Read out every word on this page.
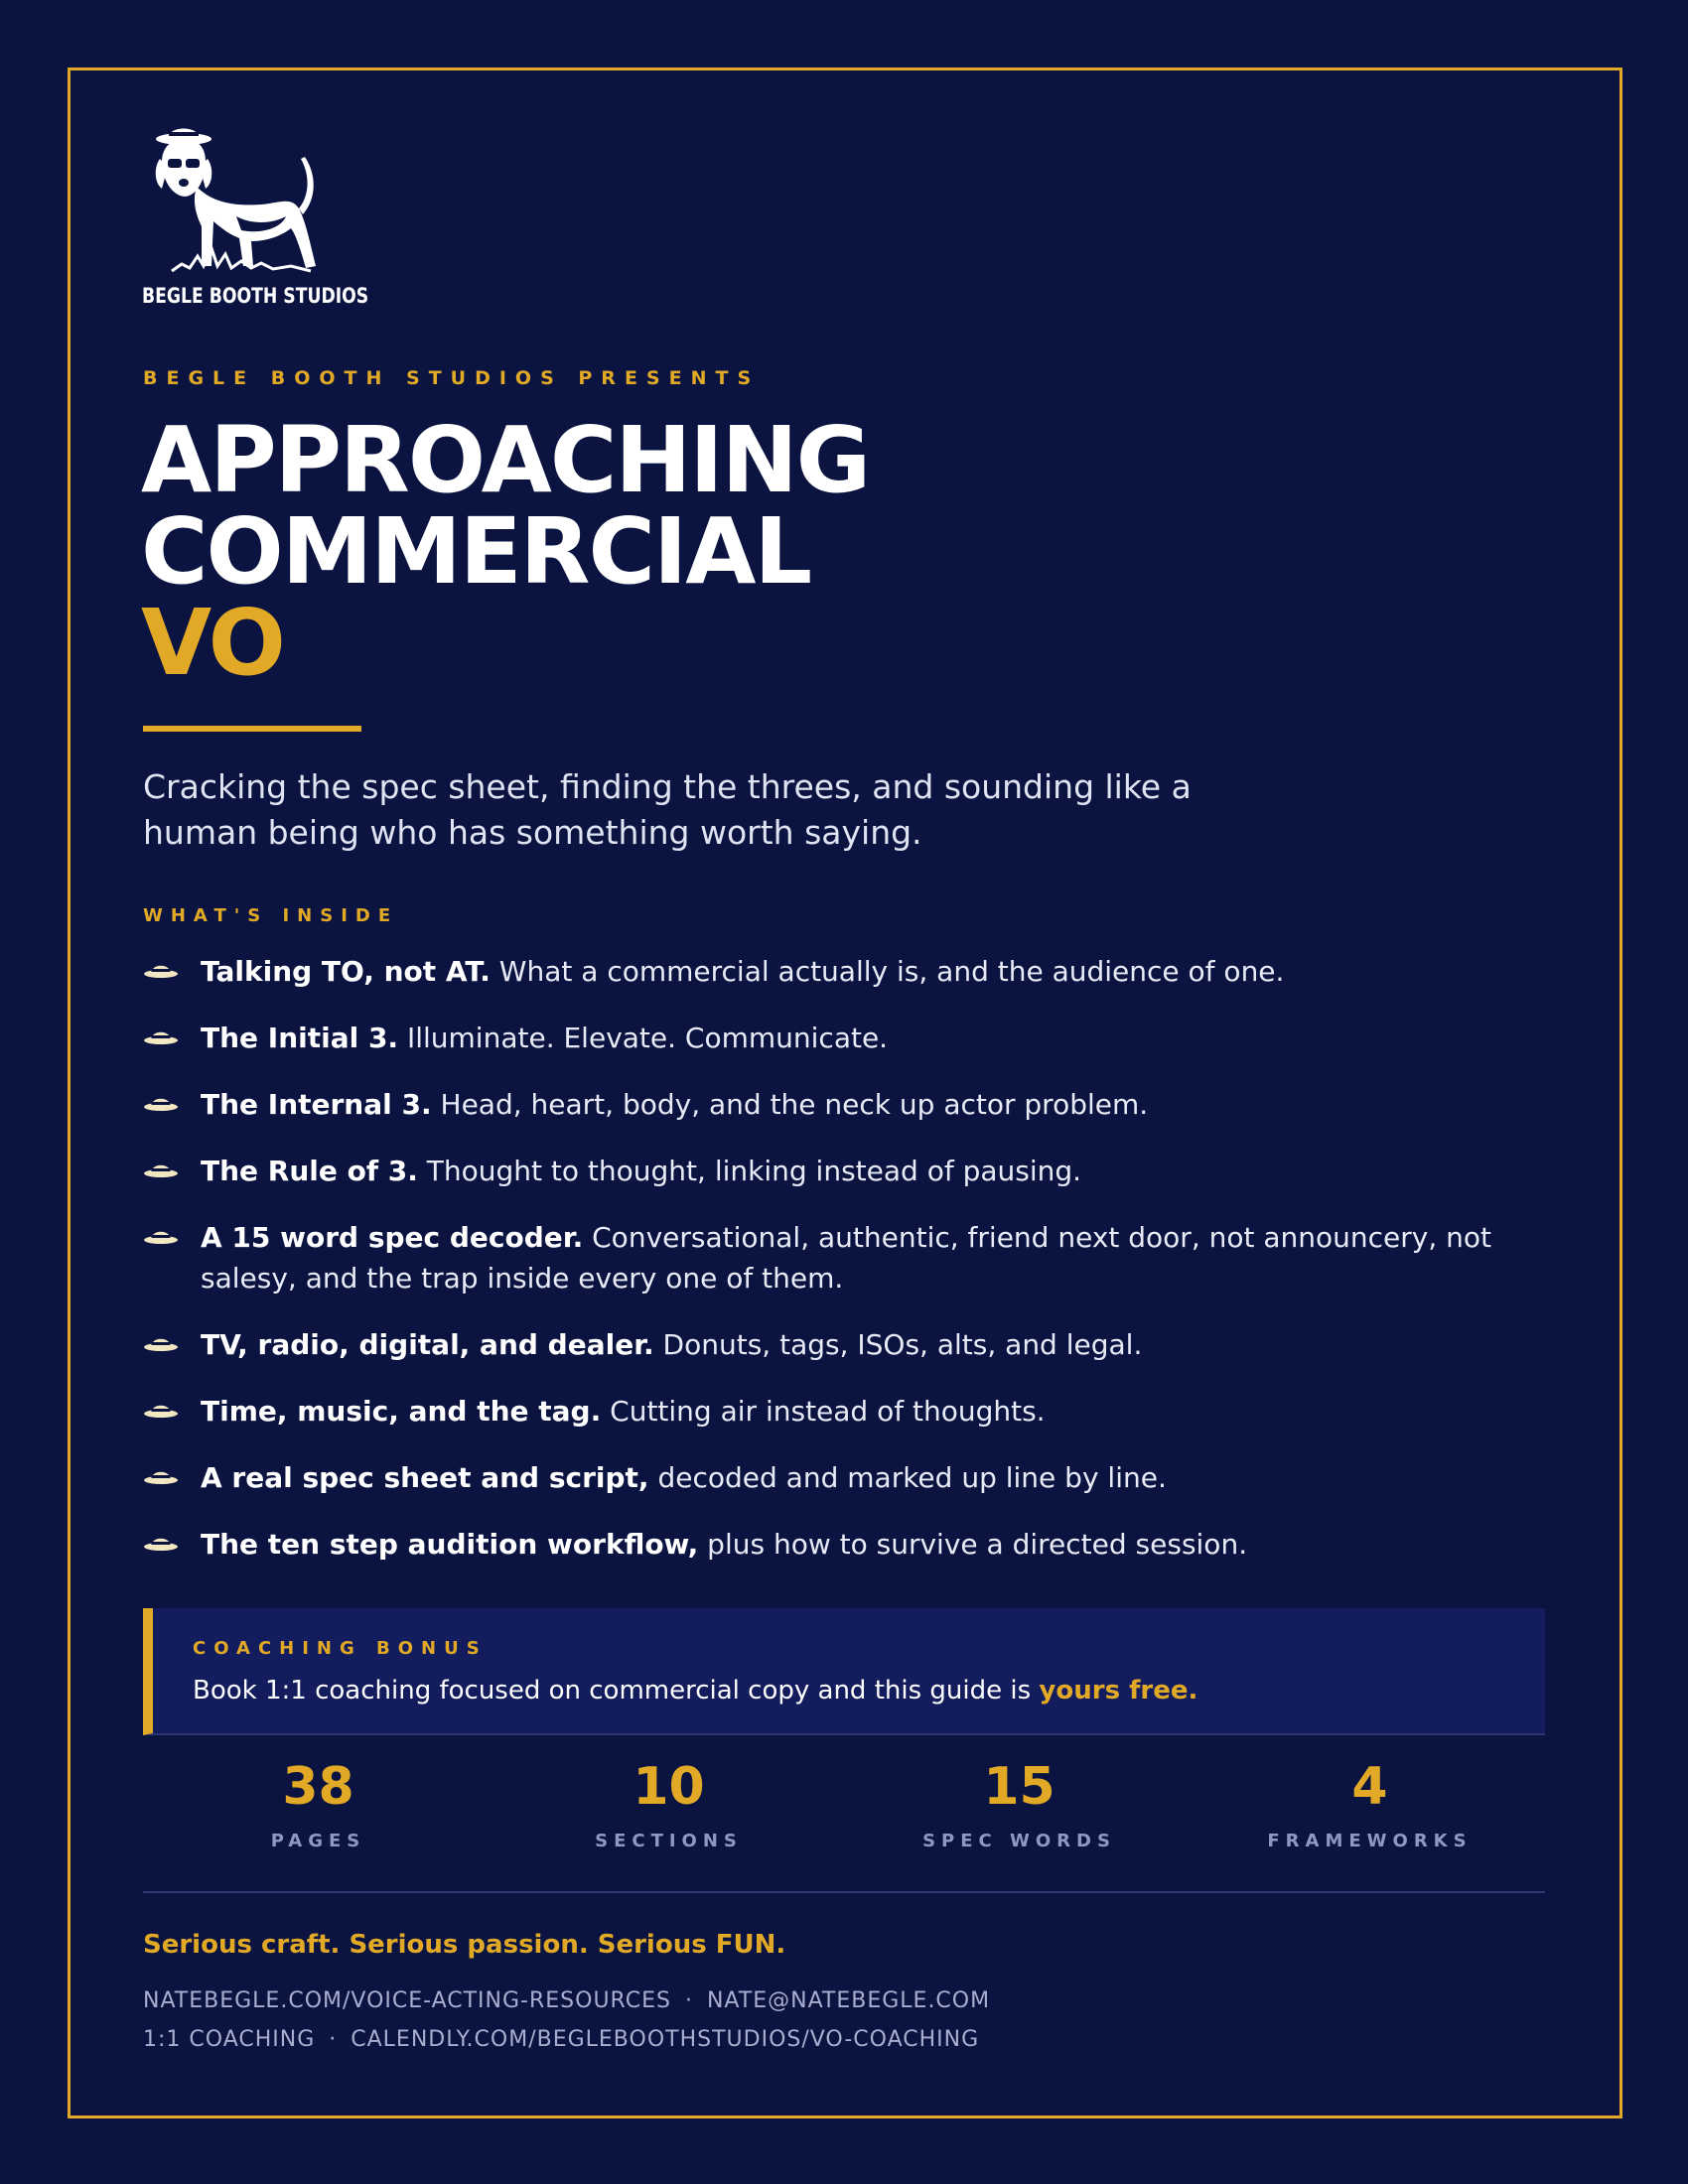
BEGLE BOOTH STUDIOS
BEGLE BOOTH STUDIOS PRESENTS
APPROACHING
COMMERCIAL
VO
Cracking the spec sheet, finding the threes, and sounding like a human being who has something worth saying.
WHAT'S INSIDE
Talking TO, not AT. What a commercial actually is, and the audience of one.
The Initial 3. Illuminate. Elevate. Communicate.
The Internal 3. Head, heart, body, and the neck up actor problem.
The Rule of 3. Thought to thought, linking instead of pausing.
A 15 word spec decoder. Conversational, authentic, friend next door, not announcery, not salesy, and the trap inside every one of them.
TV, radio, digital, and dealer. Donuts, tags, ISOs, alts, and legal.
Time, music, and the tag. Cutting air instead of thoughts.
A real spec sheet and script, decoded and marked up line by line.
The ten step audition workflow, plus how to survive a directed session.
COACHING BONUS
Book 1:1 coaching focused on commercial copy and this guide is yours free.
38
PAGES
10
SECTIONS
15
SPEC WORDS
4
FRAMEWORKS
Serious craft. Serious passion. Serious FUN.
NATEBEGLE.COM/VOICE-ACTING-RESOURCES · NATE@NATEBEGLE.COM
1:1 COACHING · CALENDLY.COM/BEGLEBOOTHSTUDIOS/VO-COACHING
